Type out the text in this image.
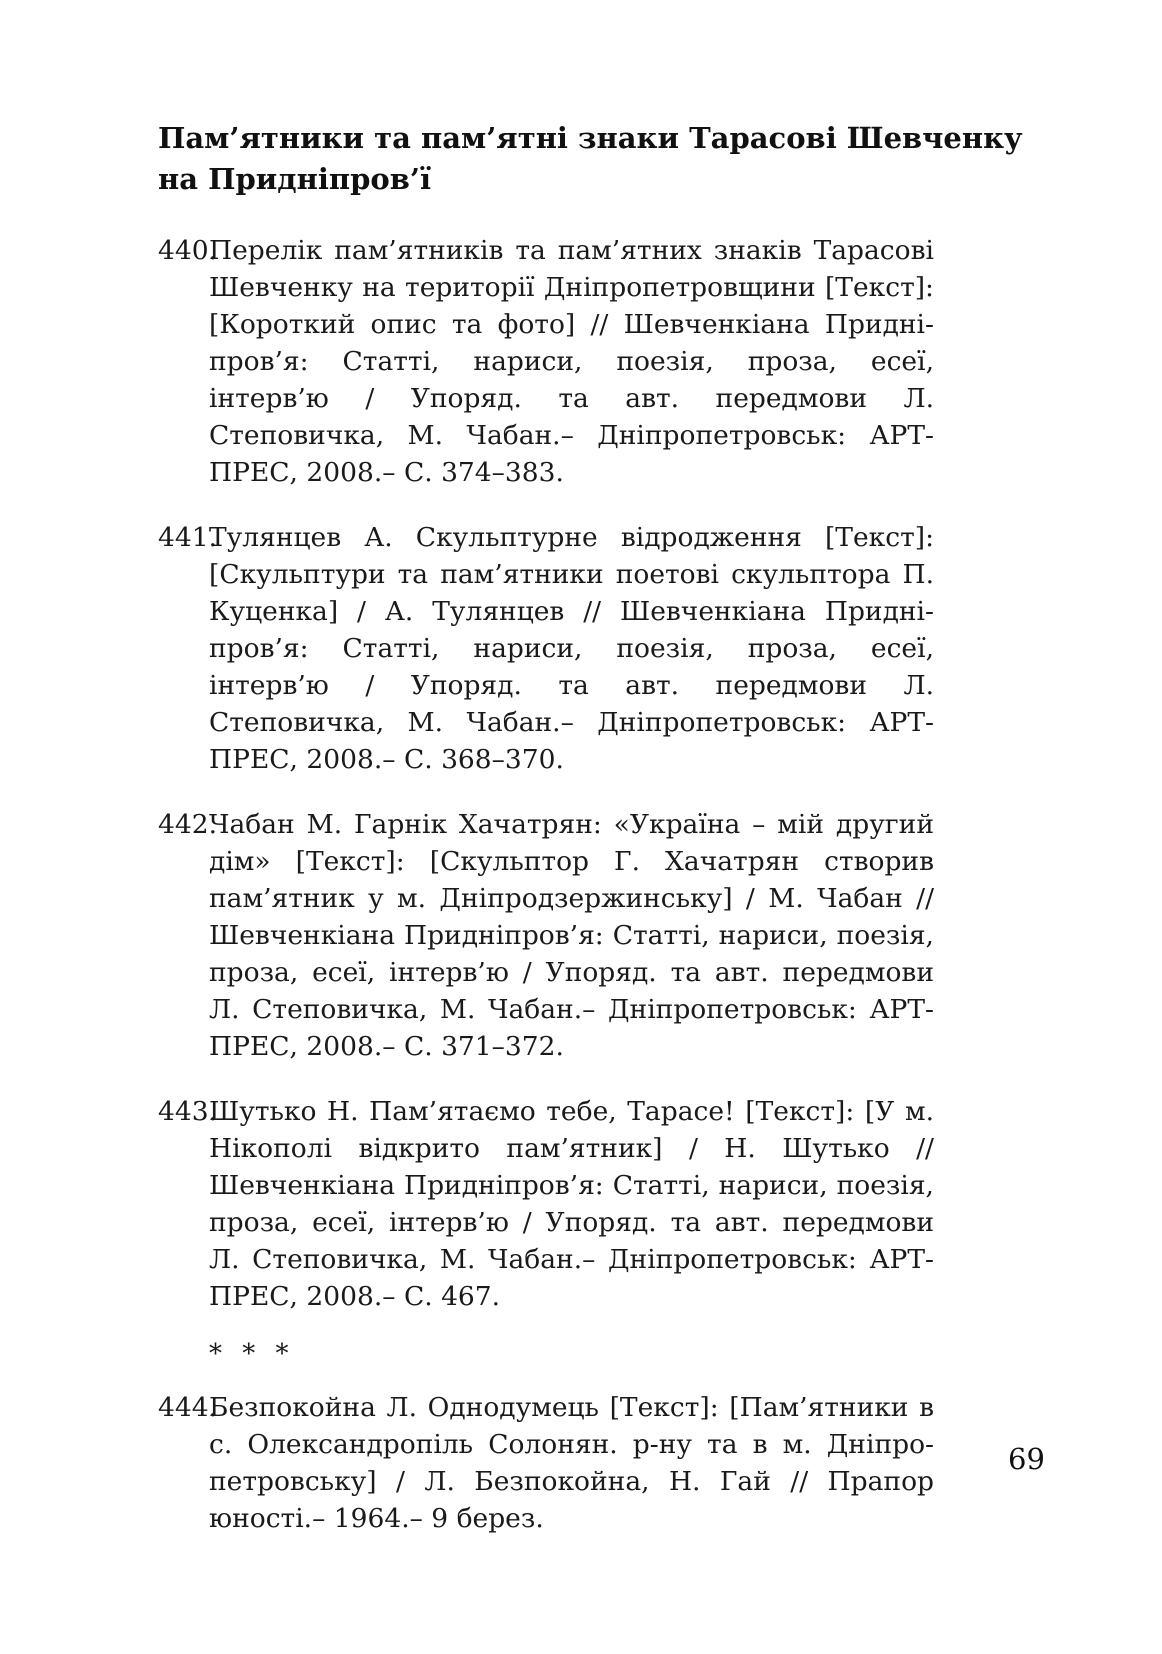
Пам’ятники та пам’ятні знаки Тарасові Шевченку
на Придніпров’ї

440.
Перелік пам’ятників та пам’ятних знаків Тарасові Шевченку на території Дніпропетровщини [Текст]: [Короткий опис та фото] // Шевченкіана Придніпров’я: Статті, нариси, поезія, проза, есеї, інтерв’ю / Упоряд. та авт. передмови Л. Степовичка, М. Чабан.– Дніпропетровськ: АРТ-ПРЕС, 2008.– С. 374–383.

441.
Тулянцев А. Скульптурне відродження [Текст]: [Скульптури та пам’ятники поетові скульптора П. Куценка] / А. Тулянцев // Шевченкіана Придніпров’я: Статті, нариси, поезія, проза, есеї, інтерв’ю / Упоряд. та авт. передмови Л. Степовичка, М. Чабан.– Дніпропетровськ: АРТ-ПРЕС, 2008.– С. 368–370.

442.
Чабан М. Гарнік Хачатрян: «Україна – мій другий дім» [Текст]: [Скульптор Г. Хачатрян створив пам’ятник у м. Дніпродзержинську] / М. Чабан // Шевченкіана Придніпров’я: Статті, нариси, поезія, проза, есеї, інтерв’ю / Упоряд. та авт. передмови Л. Степовичка, М. Чабан.– Дніпропетровськ: АРТ-ПРЕС, 2008.– С. 371–372.

443.
Шутько Н. Пам’ятаємо тебе, Тарасе! [Текст]: [У м. Нікополі відкрито пам’ятник] / Н. Шутько // Шевченкіана Придніпров’я: Статті, нариси, поезія, проза, есеї, інтерв’ю / Упоряд. та авт. передмови Л. Степовичка, М. Чабан.– Дніпропетровськ: АРТ-ПРЕС, 2008.– С. 467.

* * *

444.
Безпокойна Л. Однодумець [Текст]: [Пам’ятники в с. Олександропіль Солонян. р-ну та в м. Дніпропетровську] / Л. Безпокойна, Н. Гай // Прапор юності.– 1964.– 9 берез.

69
